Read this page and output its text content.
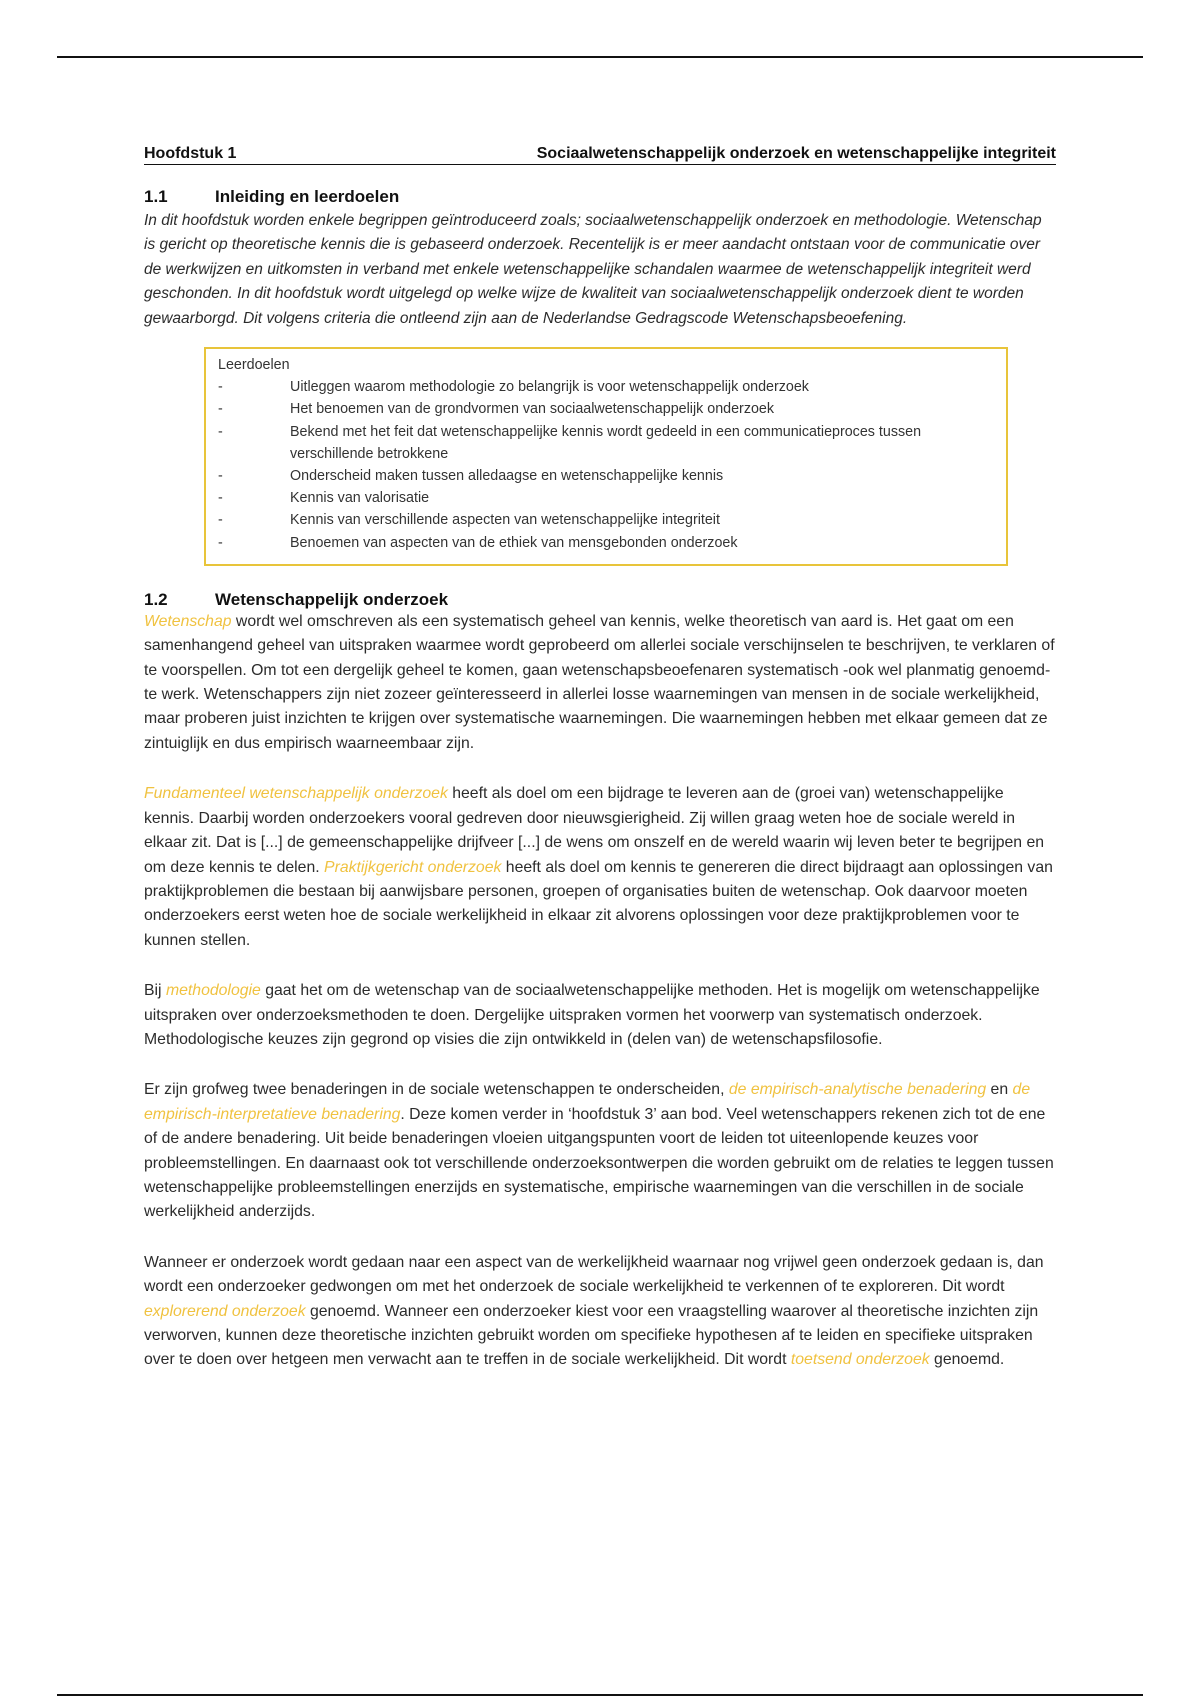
Hoofdstuk 1	Sociaalwetenschappelijk onderzoek en wetenschappelijke integriteit
1.1	Inleiding en leerdoelen

In dit hoofdstuk worden enkele begrippen geïntroduceerd zoals; sociaalwetenschappelijk onderzoek en methodologie. Wetenschap is gericht op theoretische kennis die is gebaseerd onderzoek. Recentelijk is er meer aandacht ontstaan voor de communicatie over de werkwijzen en uitkomsten in verband met enkele wetenschappelijke schandalen waarmee de wetenschappelijk integriteit werd geschonden. In dit hoofdstuk wordt uitgelegd op welke wijze de kwaliteit van sociaalwetenschappelijk onderzoek dient te worden gewaarborgd. Dit volgens criteria die ontleend zijn aan de Nederlandse Gedragscode Wetenschapsbeoefening.

Leerdoelen
-	Uitleggen waarom methodologie zo belangrijk is voor wetenschappelijk onderzoek
-	Het benoemen van de grondvormen van sociaalwetenschappelijk onderzoek
-	Bekend met het feit dat wetenschappelijke kennis wordt gedeeld in een communicatieproces tussen verschillende betrokkene
-	Onderscheid maken tussen alledaagse en wetenschappelijke kennis
-	Kennis van valorisatie
-	Kennis van verschillende aspecten van wetenschappelijke integriteit
-	Benoemen van aspecten van de ethiek van mensgebonden onderzoek
1.2	Wetenschappelijk onderzoek

Wetenschap wordt wel omschreven als een systematisch geheel van kennis, welke theoretisch van aard is. Het gaat om een samenhangend geheel van uitspraken waarmee wordt geprobeerd om allerlei sociale verschijnselen te beschrijven, te verklaren of te voorspellen. Om tot een dergelijk geheel te komen, gaan wetenschapsbeoefenaren systematisch -ook wel planmatig genoemd- te werk. Wetenschappers zijn niet zozeer geïnteresseerd in allerlei losse waarnemingen van mensen in de sociale werkelijkheid, maar proberen juist inzichten te krijgen over systematische waarnemingen. Die waarnemingen hebben met elkaar gemeen dat ze zintuiglijk en dus empirisch waarneembaar zijn.

Fundamenteel wetenschappelijk onderzoek heeft als doel om een bijdrage te leveren aan de (groei van) wetenschappelijke kennis. Daarbij worden onderzoekers vooral gedreven door nieuwsgierigheid. Zij willen graag weten hoe de sociale wereld in elkaar zit. Dat is [...] de gemeenschappelijke drijfveer [...] de wens om onszelf en de wereld waarin wij leven beter te begrijpen en om deze kennis te delen. Praktijkgericht onderzoek heeft als doel om kennis te genereren die direct bijdraagt aan oplossingen van praktijkproblemen die bestaan bij aanwijsbare personen, groepen of organisaties buiten de wetenschap. Ook daarvoor moeten onderzoekers eerst weten hoe de sociale werkelijkheid in elkaar zit alvorens oplossingen voor deze praktijkproblemen voor te kunnen stellen.

Bij methodologie gaat het om de wetenschap van de sociaalwetenschappelijke methoden. Het is mogelijk om wetenschappelijke uitspraken over onderzoeksmethoden te doen. Dergelijke uitspraken vormen het voorwerp van systematisch onderzoek. Methodologische keuzes zijn gegrond op visies die zijn ontwikkeld in (delen van) de wetenschapsfilosofie.

Er zijn grofweg twee benaderingen in de sociale wetenschappen te onderscheiden, de empirisch-analytische benadering en de empirisch-interpretatieve benadering. Deze komen verder in ‘hoofdstuk 3’ aan bod. Veel wetenschappers rekenen zich tot de ene of de andere benadering. Uit beide benaderingen vloeien uitgangspunten voort de leiden tot uiteenlopende keuzes voor probleemstellingen. En daarnaast ook tot verschillende onderzoeksontwerpen die worden gebruikt om de relaties te leggen tussen wetenschappelijke probleemstellingen enerzijds en systematische, empirische waarnemingen van die verschillen in de sociale werkelijkheid anderzijds.

Wanneer er onderzoek wordt gedaan naar een aspect van de werkelijkheid waarnaar nog vrijwel geen onderzoek gedaan is, dan wordt een onderzoeker gedwongen om met het onderzoek de sociale werkelijkheid te verkennen of te exploreren. Dit wordt explorerend onderzoek genoemd. Wanneer een onderzoeker kiest voor een vraagstelling waarover al theoretische inzichten zijn verworven, kunnen deze theoretische inzichten gebruikt worden om specifieke hypothesen af te leiden en specifieke uitspraken over te doen over hetgeen men verwacht aan te treffen in de sociale werkelijkheid. Dit wordt toetsend onderzoek genoemd.
